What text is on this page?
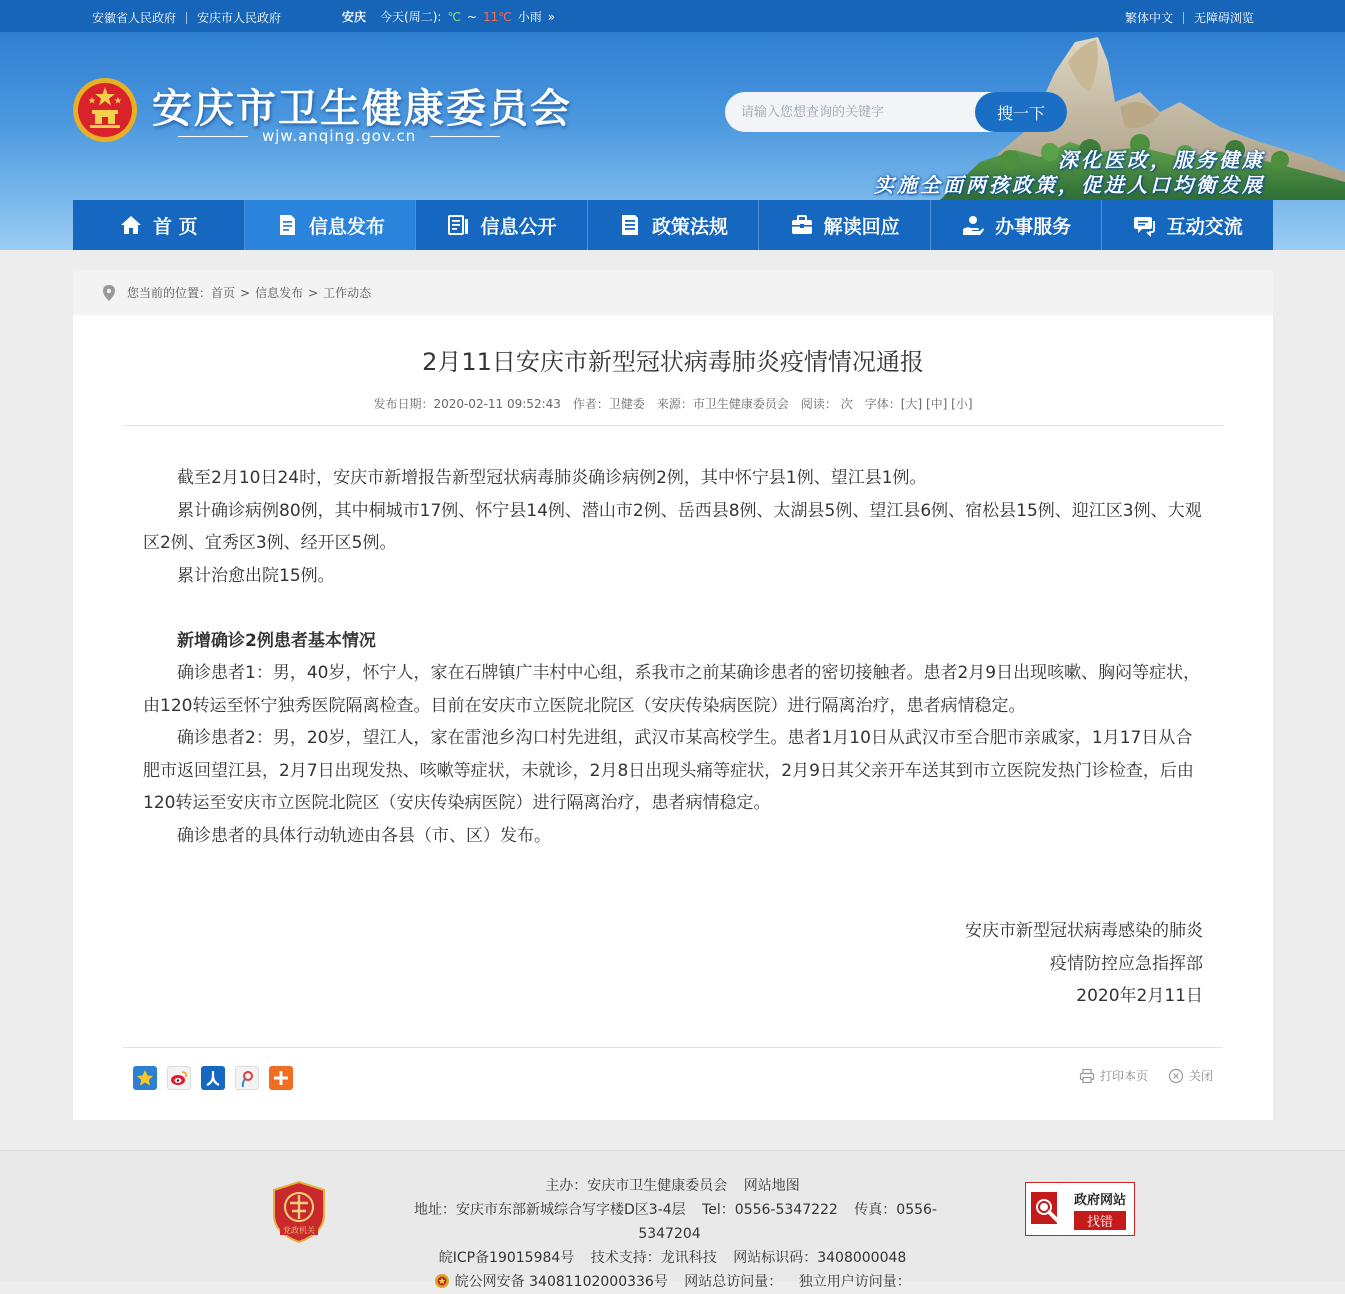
安徽省人民政府 安庆市人民政府	安庆 今天(周二): ℃ ~ 11℃ 小雨 »	繁体中文 无障碍浏览
安庆市卫生健康委员会
wjw.anqing.gov.cn
请输入您想查询的关键字
搜一下
深化医改，服务健康
实施全面两孩政策，促进人口均衡发展
首 页	信息发布	信息公开	政策法规	解读回应	办事服务	互动交流
您当前的位置： 首页 > 信息发布 > 工作动态
2月11日安庆市新型冠状病毒肺炎疫情情况通报
发布日期：2020-02-11 09:52:43 作者：卫健委 来源：市卫生健康委员会 阅读： 次 字体：[大] [中] [小]

截至2月10日24时，安庆市新增报告新型冠状病毒肺炎确诊病例2例，其中怀宁县1例、望江县1例。

累计确诊病例80例，其中桐城市17例、怀宁县14例、潜山市2例、岳西县8例、太湖县5例、望江县6例、宿松县15例、迎江区3例、大观区2例、宜秀区3例、经开区5例。

累计治愈出院15例。

新增确诊2例患者基本情况

确诊患者1：男，40岁，怀宁人，家在石牌镇广丰村中心组，系我市之前某确诊患者的密切接触者。患者2月9日出现咳嗽、胸闷等症状，由120转运至怀宁独秀医院隔离检查。目前在安庆市立医院北院区（安庆传染病医院）进行隔离治疗，患者病情稳定。

确诊患者2：男，20岁，望江人，家在雷池乡沟口村先进组，武汉市某高校学生。患者1月10日从武汉市至合肥市亲戚家，1月17日从合肥市返回望江县，2月7日出现发热、咳嗽等症状，未就诊，2月8日出现头痛等症状，2月9日其父亲开车送其到市立医院发热门诊检查，后由120转运至安庆市立医院北院区（安庆传染病医院）进行隔离治疗，患者病情稳定。

确诊患者的具体行动轨迹由各县（市、区）发布。

安庆市新型冠状病毒感染的肺炎
疫情防控应急指挥部
2020年2月11日
打印本页	关闭
党政机关
主办：安庆市卫生健康委员会 网站地图
地址：安庆市东部新城综合写字楼D区3-4层 Tel：0556-5347222 传真：0556-5347204
皖ICP备19015984号 技术支持：龙讯科技 网站标识码：3408000048
皖公网安备 34081102000336号 网站总访问量： 独立用户访问量：
政府网站
找错
